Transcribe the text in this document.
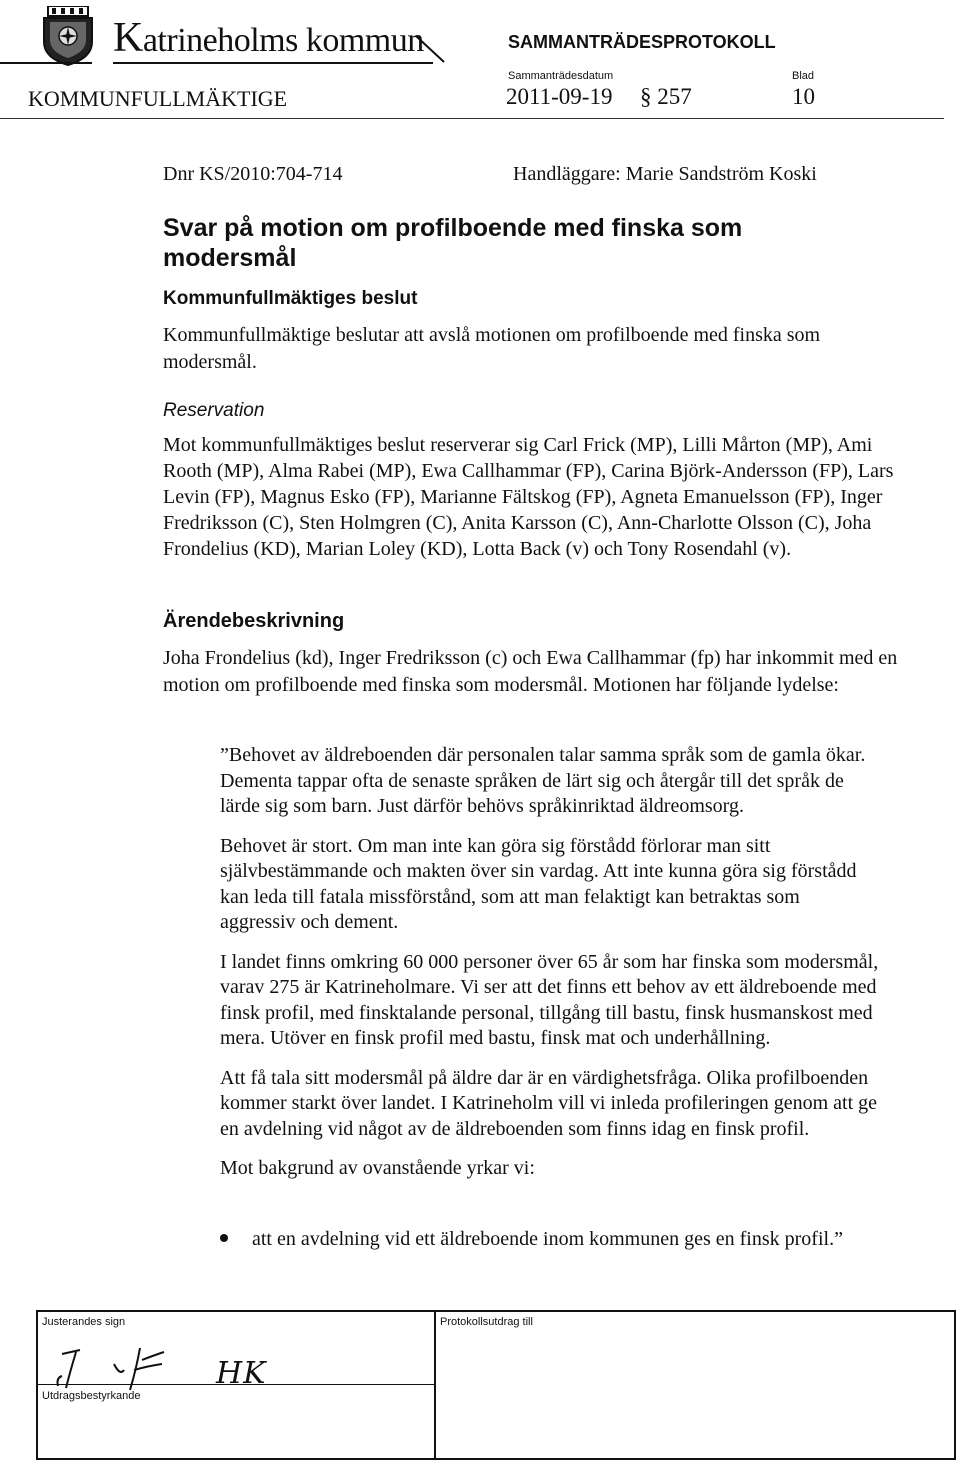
Katrineholms kommun	SAMMANTRÄDESPROTOKOLL
KOMMUNFULLMÄKTIGE
Sammanträdesdatum
2011-09-19 § 257
Blad
10
Dnr KS/2010:704-714	Handläggare: Marie Sandström Koski
Svar på motion om profilboende med finska som modersmål
Kommunfullmäktiges beslut
Kommunfullmäktige beslutar att avslå motionen om profilboende med finska som modersmål.
Reservation
Mot kommunfullmäktiges beslut reserverar sig Carl Frick (MP), Lilli Mårton (MP), Ami Rooth (MP), Alma Rabei (MP), Ewa Callhammar (FP), Carina Björk-Andersson (FP), Lars Levin (FP), Magnus Esko (FP), Marianne Fältskog (FP), Agneta Emanuelsson (FP), Inger Fredriksson (C), Sten Holmgren (C), Anita Karsson (C), Ann-Charlotte Olsson (C), Joha Frondelius (KD), Marian Loley (KD), Lotta Back (v) och Tony Rosendahl (v).
Ärendebeskrivning
Joha Frondelius (kd), Inger Fredriksson (c) och Ewa Callhammar (fp) har inkommit med en motion om profilboende med finska som modersmål. Motionen har följande lydelse:

”Behovet av äldreboenden där personalen talar samma språk som de gamla ökar. Dementa tappar ofta de senaste språken de lärt sig och återgår till det språk de lärde sig som barn. Just därför behövs språkinriktad äldreomsorg.

Behovet är stort. Om man inte kan göra sig förstådd förlorar man sitt självbestämmande och makten över sin vardag. Att inte kunna göra sig förstådd kan leda till fatala missförstånd, som att man felaktigt kan betraktas som aggressiv och dement.

I landet finns omkring 60 000 personer över 65 år som har finska som modersmål, varav 275 är Katrineholmare. Vi ser att det finns ett behov av ett äldreboende med finsk profil, med finsktalande personal, tillgång till bastu, finsk husmanskost med mera. Utöver en finsk profil med bastu, finsk mat och underhållning.

Att få tala sitt modersmål på äldre dar är en värdighetsfråga. Olika profilboenden kommer starkt över landet. I Katrineholm vill vi inleda profileringen genom att ge en avdelning vid något av de äldreboenden som finns idag en finsk profil.

Mot bakgrund av ovanstående yrkar vi:

att en avdelning vid ett äldreboende inom kommunen ges en finsk profil.”
Justerandes sign	Protokollsutdrag till
Utdragsbestyrkande
HK
